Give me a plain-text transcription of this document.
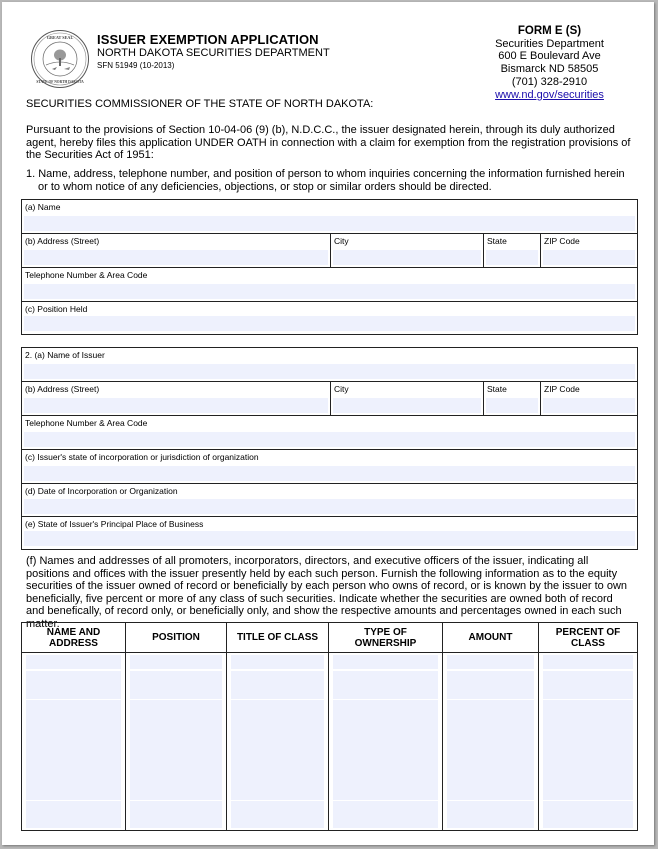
GREAT SEAL
STATE OF NORTH DAKOTA
ISSUER EXEMPTION APPLICATION
NORTH DAKOTA SECURITIES DEPARTMENT
SFN 51949 (10-2013)
FORM E (S)
Securities Department
600 E Boulevard Ave
Bismarck ND 58505
(701) 328-2910
www.nd.gov/securities
SECURITIES COMMISSIONER OF THE STATE OF NORTH DAKOTA:
Pursuant to the provisions of Section 10-04-06 (9) (b), N.D.C.C., the issuer designated herein, through its duly authorized agent, hereby files this application UNDER OATH in connection with a claim for exemption from the registration provisions of the Securities Act of 1951:
1. Name, address, telephone number, and position of person to whom inquiries concerning the information furnished herein or to whom notice of any deficiencies, objections, or stop or similar orders should be directed.
(a) Name
(b) Address (Street)	City	State	ZIP Code
Telephone Number & Area Code
(c) Position Held
2. (a) Name of Issuer
(b) Address (Street)	City	State	ZIP Code
Telephone Number & Area Code
(c) Issuer's state of incorporation or jurisdiction of organization
(d) Date of Incorporation or Organization
(e) State of Issuer's Principal Place of Business
(f) Names and addresses of all promoters, incorporators, directors, and executive officers of the issuer, indicating all positions and offices with the issuer presently held by each such person. Furnish the following information as to the equity securities of the issuer owned of record or beneficially by each person who owns of record, or is known by the issuer to own beneficially, five percent or more of any class of such securities. Indicate whether the securities are owned both of record and benefically, of record only, or beneficially only, and show the respective amounts and percentages owned in each such matter.
NAME AND ADDRESS	POSITION	TITLE OF CLASS	TYPE OF OWNERSHIP	AMOUNT	PERCENT OF CLASS
